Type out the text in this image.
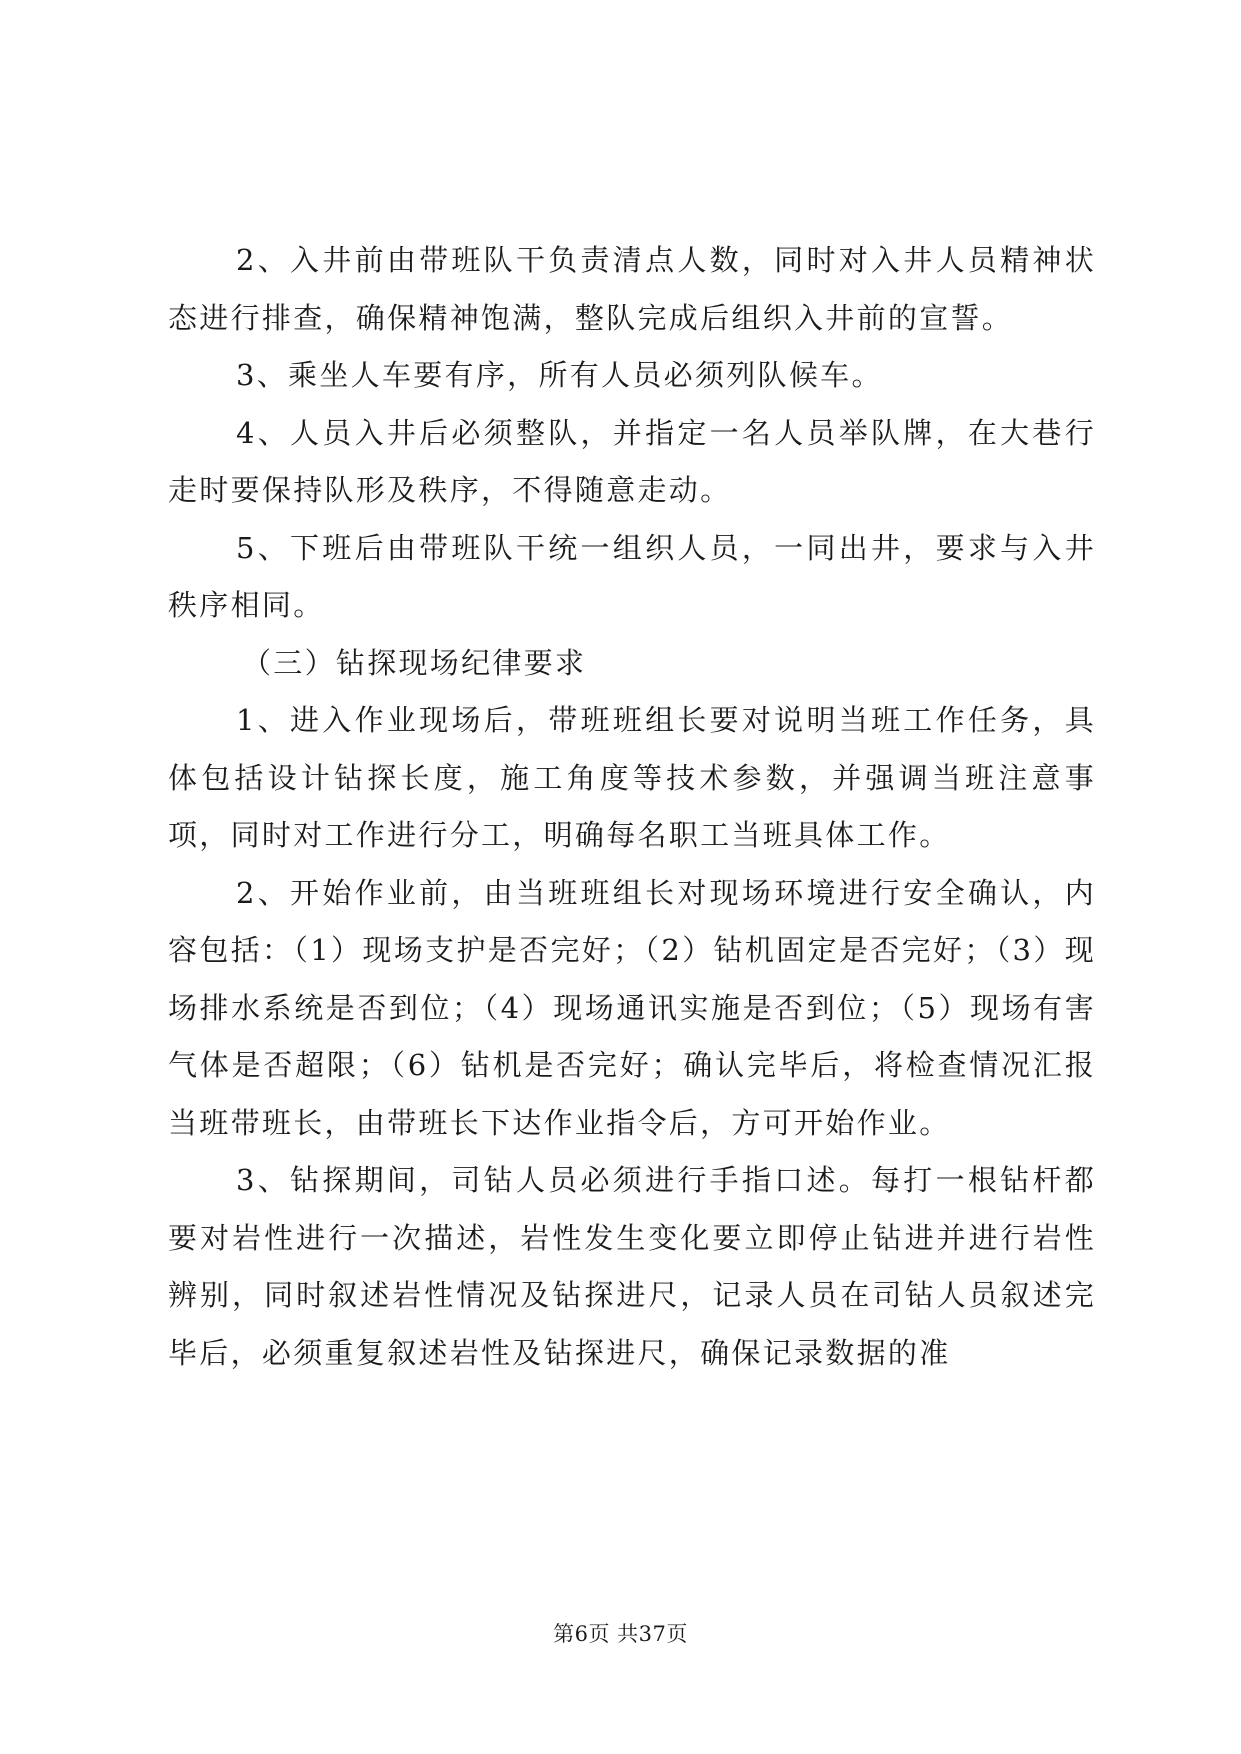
2、入井前由带班队干负责清点人数，同时对入井人员精神状态进行排查，确保精神饱满，整队完成后组织入井前的宣誓。

3、乘坐人车要有序，所有人员必须列队候车。

4、人员入井后必须整队，并指定一名人员举队牌，在大巷行走时要保持队形及秩序，不得随意走动。

5、下班后由带班队干统一组织人员，一同出井，要求与入井秩序相同。

（三）钻探现场纪律要求

1、进入作业现场后，带班班组长要对说明当班工作任务，具体包括设计钻探长度，施工角度等技术参数，并强调当班注意事项，同时对工作进行分工，明确每名职工当班具体工作。

2、开始作业前，由当班班组长对现场环境进行安全确认，内容包括：（1）现场支护是否完好；（2）钻机固定是否完好；（3）现场排水系统是否到位；（4）现场通讯实施是否到位；（5）现场有害气体是否超限；（6）钻机是否完好；确认完毕后，将检查情况汇报当班带班长，由带班长下达作业指令后，方可开始作业。

3、钻探期间，司钻人员必须进行手指口述。每打一根钻杆都要对岩性进行一次描述，岩性发生变化要立即停止钻进并进行岩性辨别，同时叙述岩性情况及钻探进尺，记录人员在司钻人员叙述完毕后，必须重复叙述岩性及钻探进尺，确保记录数据的准

第6页 共37页
